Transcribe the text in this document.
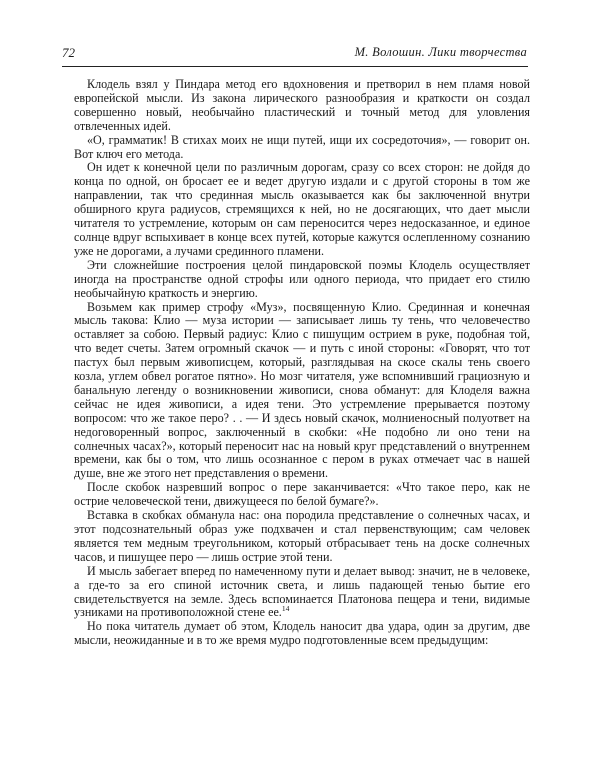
72	М. Волошин. Лики творчества

Клодель взял у Пиндара метод его вдохновения и претворил в нем пламя новой европейской мысли. Из закона лирического разнообразия и краткости он создал совершенно новый, необычайно пластический и точный метод для уловления отвлеченных идей.

«О, грамматик! В стихах моих не ищи путей, ищи их сосредоточия», — говорит он. Вот ключ его метода.

Он идет к конечной цели по различным дорогам, сразу со всех сторон: не дойдя до конца по одной, он бросает ее и ведет другую издали и с другой стороны в том же направлении, так что срединная мысль оказывается как бы заключенной внутри обширного круга радиусов, стремящихся к ней, но не досягающих, что дает мысли читателя то устремление, которым он сам переносится через недосказанное, и единое солнце вдруг вспыхивает в конце всех путей, которые кажутся ослепленному сознанию уже не дорогами, а лучами срединного пламени.

Эти сложнейшие построения целой пиндаровской поэмы Клодель осуществляет иногда на пространстве одной строфы или одного периода, что придает его стилю необычайную краткость и энергию.

Возьмем как пример строфу «Муз», посвященную Клио. Срединная и конечная мысль такова: Клио — муза истории — записывает лишь ту тень, что человечество оставляет за собою. Первый радиус: Клио с пишущим острием в руке, подобная той, что ведет счеты. Затем огромный скачок — и путь с иной стороны: «Говорят, что тот пастух был первым живописцем, который, разглядывая на скосе скалы тень своего козла, углем обвел рогатое пятно». Но мозг читателя, уже вспомнивший грациозную и банальную легенду о возникновении живописи, снова обманут: для Клоделя важна сейчас не идея живописи, а идея тени. Это устремление прерывается поэтому вопросом: что же такое перо? . . — И здесь новый скачок, молниеносный полуответ на недоговоренный вопрос, заключенный в скобки: «Не подобно ли оно тени на солнечных часах?», который переносит нас на новый круг представлений о внутреннем времени, как бы о том, что лишь осознанное с пером в руках отмечает час в нашей душе, вне же этого нет представления о времени.

После скобок назревший вопрос о пере заканчивается: «Что такое перо, как не острие человеческой тени, движущееся по белой бумаге?».

Вставка в скобках обманула нас: она породила представление о солнечных часах, и этот подсознательный образ уже подхвачен и стал первенствующим; сам человек является тем медным треугольником, который отбрасывает тень на доске солнечных часов, и пишущее перо — лишь острие этой тени.

И мысль забегает вперед по намеченному пути и делает вывод: значит, не в человеке, а где-то за его спиной источник света, и лишь падающей тенью бытие его свидетельствуется на земле. Здесь вспоминается Платонова пещера и тени, видимые узниками на противоположной стене ее.$^{14}$

Но пока читатель думает об этом, Клодель наносит два удара, один за другим, две мысли, неожиданные и в то же время мудро подготовленные всем предыдущим:
